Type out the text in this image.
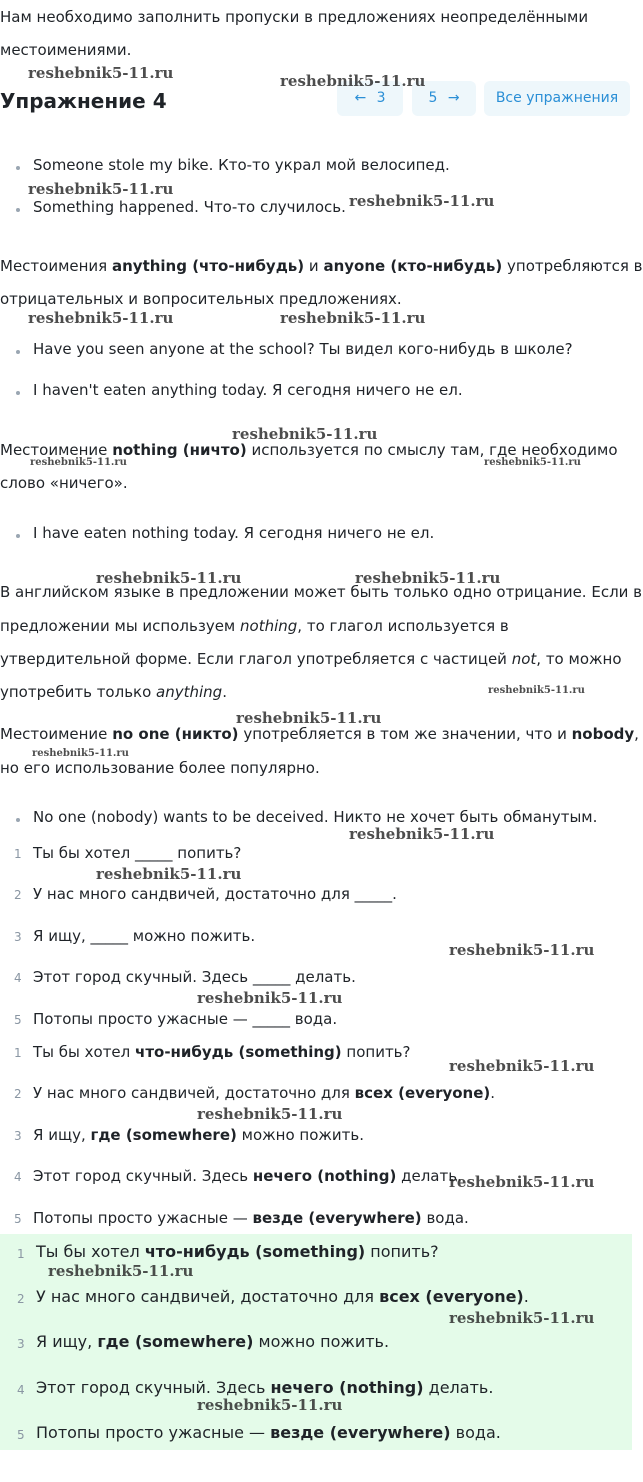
Нам необходимо заполнить пропуски в предложениях неопределёнными
местоимениями.
Упражнение 4	← 3	5 →	Все упражнения
Someone stole my bike. Кто-то украл мой велосипед.
Something happened. Что-то случилось.
Местоимения anything (что-нибудь) и anyone (кто-нибудь) употребляются в
отрицательных и вопросительных предложениях.
Have you seen anyone at the school? Ты видел кого-нибудь в школе?
I haven't eaten anything today. Я сегодня ничего не ел.
Местоимение nothing (ничто) используется по смыслу там, где необходимо
слово «ничего».
I have eaten nothing today. Я сегодня ничего не ел.
В английском языке в предложении может быть только одно отрицание. Если в
предложении мы используем nothing, то глагол используется в
утвердительной форме. Если глагол употребляется с частицей not, то можно
употребить только anything.
Местоимение no one (никто) употребляется в том же значении, что и nobody,
но его использование более популярно.
No one (nobody) wants to be deceived. Никто не хочет быть обманутым.
1 Ты бы хотел _____ попить?
2 У нас много сандвичей, достаточно для _____.
3 Я ищу, _____ можно пожить.
4 Этот город скучный. Здесь _____ делать.
5 Потопы просто ужасные — _____ вода.
1 Ты бы хотел что-нибудь (something) попить?
2 У нас много сандвичей, достаточно для всех (everyone).
3 Я ищу, где (somewhere) можно пожить.
4 Этот город скучный. Здесь нечего (nothing) делать.
5 Потопы просто ужасные — везде (everywhere) вода.
1 Ты бы хотел что-нибудь (something) попить?
2 У нас много сандвичей, достаточно для всех (everyone).
3 Я ищу, где (somewhere) можно пожить.
4 Этот город скучный. Здесь нечего (nothing) делать.
5 Потопы просто ужасные — везде (everywhere) вода.
reshebnik5-11.ru	reshebnik5-11.ru
reshebnik5-11.ru
reshebnik5-11.ru
reshebnik5-11.ru	reshebnik5-11.ru
reshebnik5-11.ru
reshebnik5-11.ru	reshebnik5-11.ru
reshebnik5-11.ru	reshebnik5-11.ru
reshebnik5-11.ru
reshebnik5-11.ru
reshebnik5-11.ru
reshebnik5-11.ru
reshebnik5-11.ru
reshebnik5-11.ru
reshebnik5-11.ru
reshebnik5-11.ru
reshebnik5-11.ru
reshebnik5-11.ru
reshebnik5-11.ru
reshebnik5-11.ru
reshebnik5-11.ru
